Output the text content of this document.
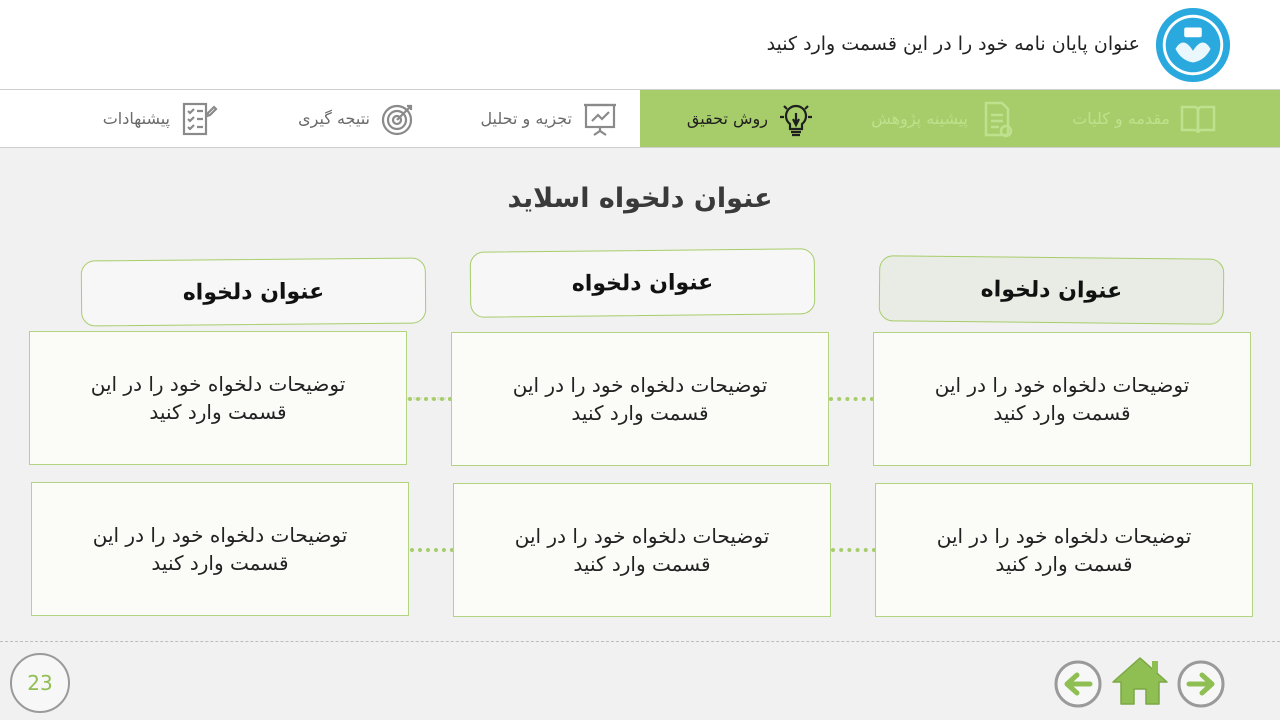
عنوان پایان نامه خود را در این قسمت وارد کنید
مقدمه و کلیات
پیشینه پژوهش
روش تحقیق
تجزیه و تحلیل
نتیجه گیری
پیشنهادات
عنوان دلخواه اسلاید
عنوان دلخواه
عنوان دلخواه
عنوان دلخواه
توضیحات دلخواه خود را در این قسمت وارد کنید
توضیحات دلخواه خود را در این قسمت وارد کنید
توضیحات دلخواه خود را در این قسمت وارد کنید
توضیحات دلخواه خود را در این قسمت وارد کنید
توضیحات دلخواه خود را در این قسمت وارد کنید
توضیحات دلخواه خود را در این قسمت وارد کنید
23
